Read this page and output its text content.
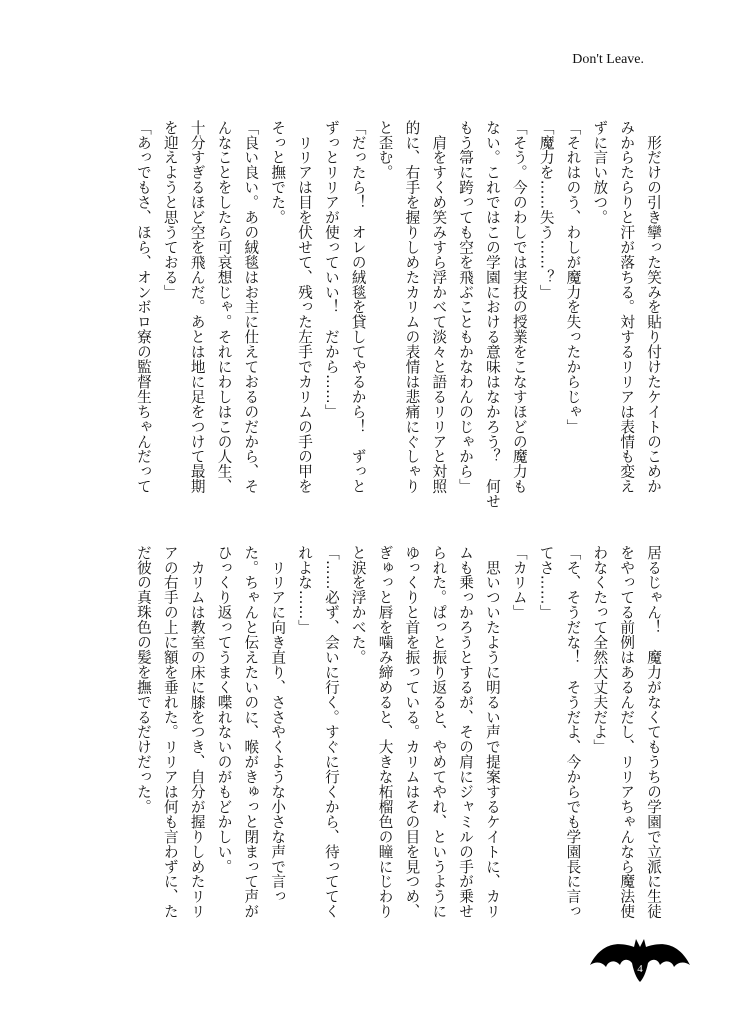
Don't Leave.
　形だけの引き攣った笑みを貼り付けたケイトのこめか
みからたらりと汗が落ちる。対するリリアは表情も変え
ずに言い放つ。
「それはのう、わしが魔力を失ったからじゃ」
「魔力を……失う……？」
「そう。今のわしでは実技の授業をこなすほどの魔力も
ない。これではこの学園における意味はなかろう？　何せ
もう箒に跨っても空を飛ぶこともかなわんのじゃから」
　肩をすくめ笑みすら浮かべて淡々と語るリリアと対照
的に、右手を握りしめたカリムの表情は悲痛にぐしゃり
と歪む。
「だったら！　オレの絨毯を貸してやるから！　ずっと
ずっとリリアが使っていい！　だから……」
　リリアは目を伏せて、残った左手でカリムの手の甲を
そっと撫でた。
「良い良い。あの絨毯はお主に仕えておるのだから、そ
んなことをしたら可哀想じゃ。それにわしはこの人生、
十分すぎるほど空を飛んだ。あとは地に足をつけて最期
を迎えようと思うておる」
「あっでもさ、ほら、オンボロ寮の監督生ちゃんだって
居るじゃん！　魔力がなくてもうちの学園で立派に生徒
をやってる前例はあるんだし、リリアちゃんなら魔法使
わなくたって全然大丈夫だよ」
「そ、そうだな！　そうだよ、今からでも学園長に言っ
てさ……」
「カリム」
　思いついたように明るい声で提案するケイトに、カリ
ムも乗っかろうとするが、その肩にジャミルの手が乗せ
られた。ぱっと振り返ると、やめてやれ、というように
ゆっくりと首を振っている。カリムはその目を見つめ、
ぎゅっと唇を噛み締めると、大きな柘榴色の瞳にじわり
と涙を浮かべた。
「……必ず、会いに行く。すぐに行くから、待っててく
れよな……」
　リリアに向き直り、ささやくような小さな声で言っ
た。ちゃんと伝えたいのに、喉がきゅっと閉まって声が
ひっくり返ってうまく喋れないのがもどかしい。
　カリムは教室の床に膝をつき、自分が握りしめたリリ
アの右手の上に額を垂れた。リリアは何も言わずに、た
だ彼の真珠色の髪を撫でるだけだった。
4
